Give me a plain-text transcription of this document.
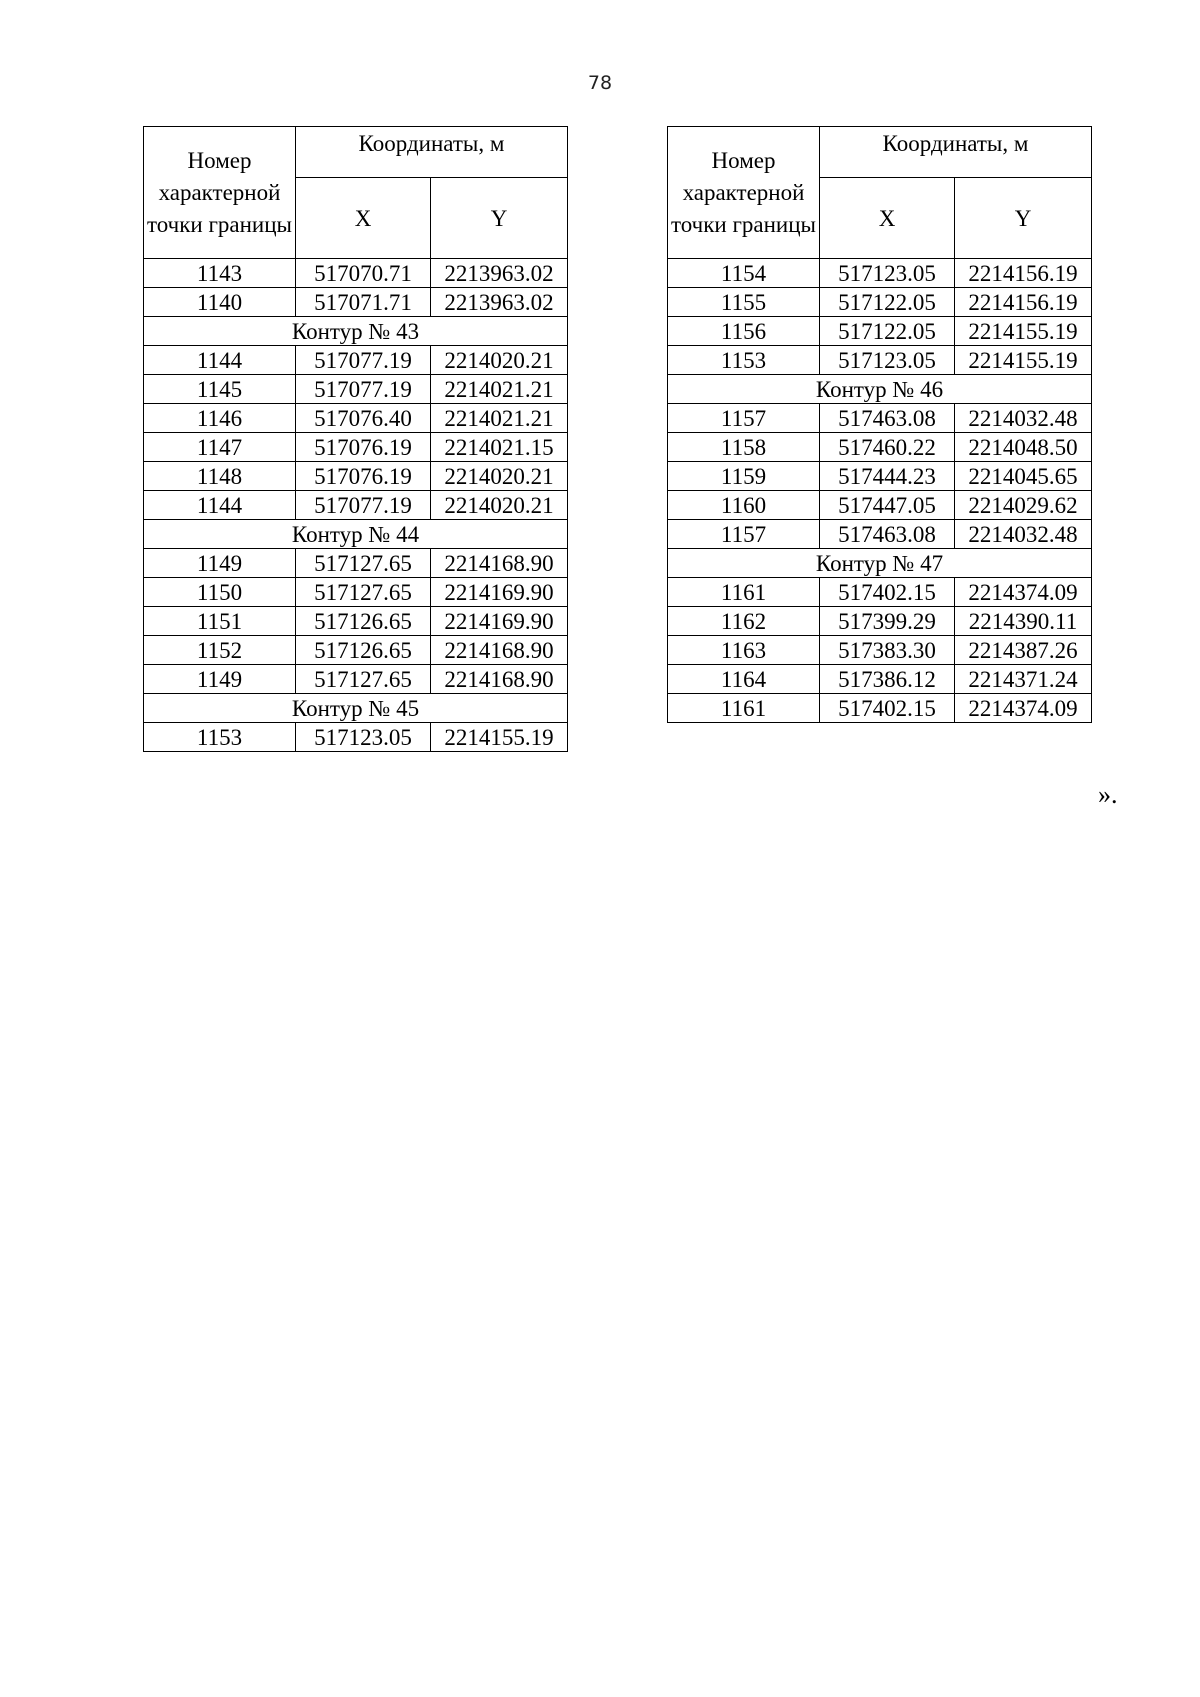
78
Номер характерной точки границы	Координаты, м	
	X	Y
1143	517070.71	2213963.02
1140	517071.71	2213963.02
Контур № 43		
1144	517077.19	2214020.21
1145	517077.19	2214021.21
1146	517076.40	2214021.21
1147	517076.19	2214021.15
1148	517076.19	2214020.21
1144	517077.19	2214020.21
Контур № 44		
1149	517127.65	2214168.90
1150	517127.65	2214169.90
1151	517126.65	2214169.90
1152	517126.65	2214168.90
1149	517127.65	2214168.90
Контур № 45		
1153	517123.05	2214155.19
Номер характерной точки границы	Координаты, м	
	X	Y
1154	517123.05	2214156.19
1155	517122.05	2214156.19
1156	517122.05	2214155.19
1153	517123.05	2214155.19
Контур № 46		
1157	517463.08	2214032.48
1158	517460.22	2214048.50
1159	517444.23	2214045.65
1160	517447.05	2214029.62
1157	517463.08	2214032.48
Контур № 47		
1161	517402.15	2214374.09
1162	517399.29	2214390.11
1163	517383.30	2214387.26
1164	517386.12	2214371.24
1161	517402.15	2214374.09
».
